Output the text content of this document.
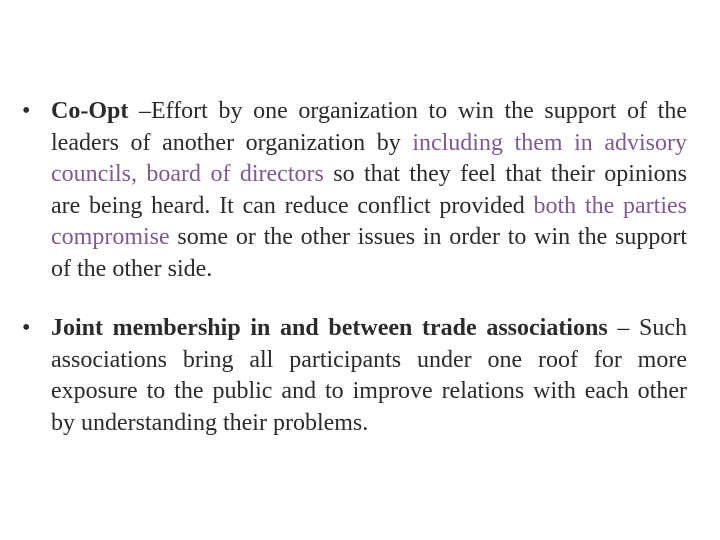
• Co-Opt –Effort by one organization to win the support of the leaders of another organization by including them in advisory councils, board of directors so that they feel that their opinions are being heard. It can reduce conflict provided both the parties compromise some or the other issues in order to win the support of the other side.
• Joint membership in and between trade associations – Such associations bring all participants under one roof for more exposure to the public and to improve relations with each other by understanding their problems.
